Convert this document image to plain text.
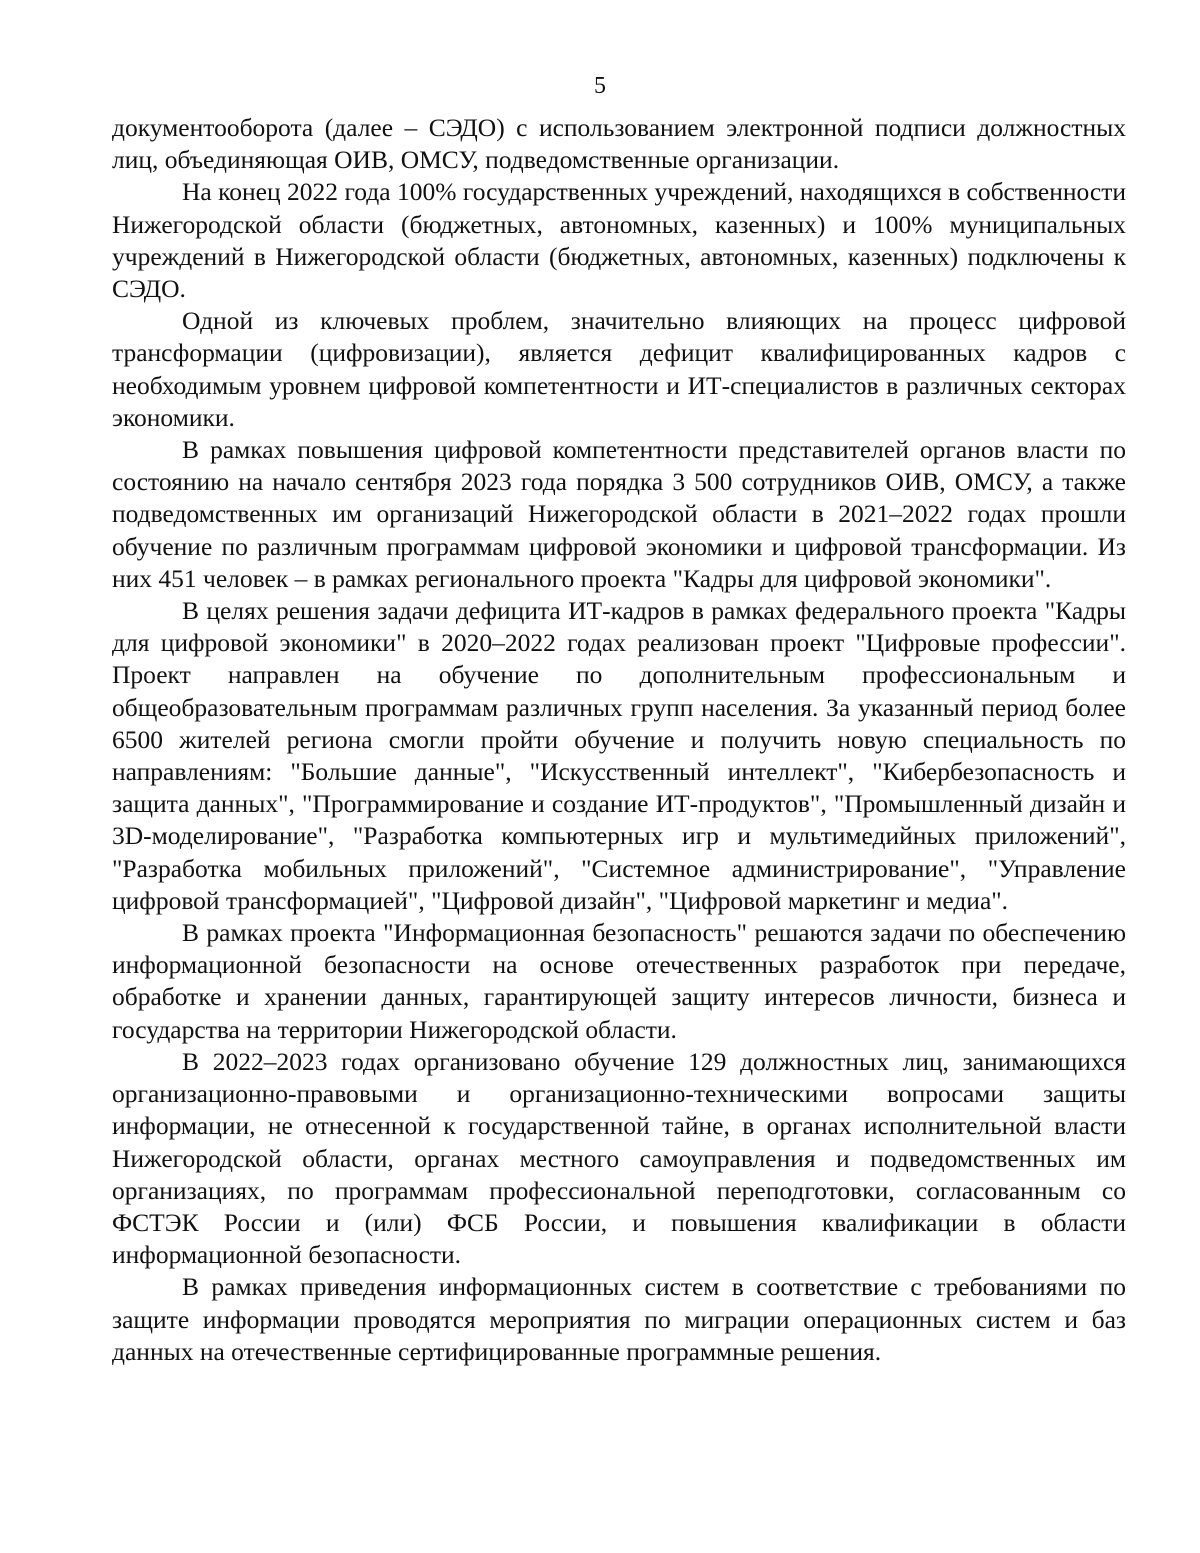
5

документооборота (далее – СЭДО) с использованием электронной подписи должностных лиц, объединяющая ОИВ, ОМСУ, подведомственные организации.

На конец 2022 года 100% государственных учреждений, находящихся в собственности Нижегородской области (бюджетных, автономных, казенных) и 100% муниципальных учреждений в Нижегородской области (бюджетных, автономных, казенных) подключены к СЭДО.

Одной из ключевых проблем, значительно влияющих на процесс цифровой трансформации (цифровизации), является дефицит квалифицированных кадров с необходимым уровнем цифровой компетентности и ИТ-специалистов в различных секторах экономики.

В рамках повышения цифровой компетентности представителей органов власти по состоянию на начало сентября 2023 года порядка 3 500 сотрудников ОИВ, ОМСУ, а также подведомственных им организаций Нижегородской области в 2021–2022 годах прошли обучение по различным программам цифровой экономики и цифровой трансформации. Из них 451 человек – в рамках регионального проекта "Кадры для цифровой экономики".

В целях решения задачи дефицита ИТ-кадров в рамках федерального проекта "Кадры для цифровой экономики" в 2020–2022 годах реализован проект "Цифровые профессии". Проект направлен на обучение по дополнительным профессиональным и общеобразовательным программам различных групп населения. За указанный период более 6500 жителей региона смогли пройти обучение и получить новую специальность по направлениям: "Большие данные", "Искусственный интеллект", "Кибербезопасность и защита данных", "Программирование и создание ИТ-продуктов", "Промышленный дизайн и 3D-моделирование", "Разработка компьютерных игр и мультимедийных приложений", "Разработка мобильных приложений", "Системное администрирование", "Управление цифровой трансформацией", "Цифровой дизайн", "Цифровой маркетинг и медиа".

В рамках проекта "Информационная безопасность" решаются задачи по обеспечению информационной безопасности на основе отечественных разработок при передаче, обработке и хранении данных, гарантирующей защиту интересов личности, бизнеса и государства на территории Нижегородской области.

В 2022–2023 годах организовано обучение 129 должностных лиц, занимающихся организационно-правовыми и организационно-техническими вопросами защиты информации, не отнесенной к государственной тайне, в органах исполнительной власти Нижегородской области, органах местного самоуправления и подведомственных им организациях, по программам профессиональной переподготовки, согласованным со ФСТЭК России и (или) ФСБ России, и повышения квалификации в области информационной безопасности.

В рамках приведения информационных систем в соответствие с требованиями по защите информации проводятся мероприятия по миграции операционных систем и баз данных на отечественные сертифицированные программные решения.
